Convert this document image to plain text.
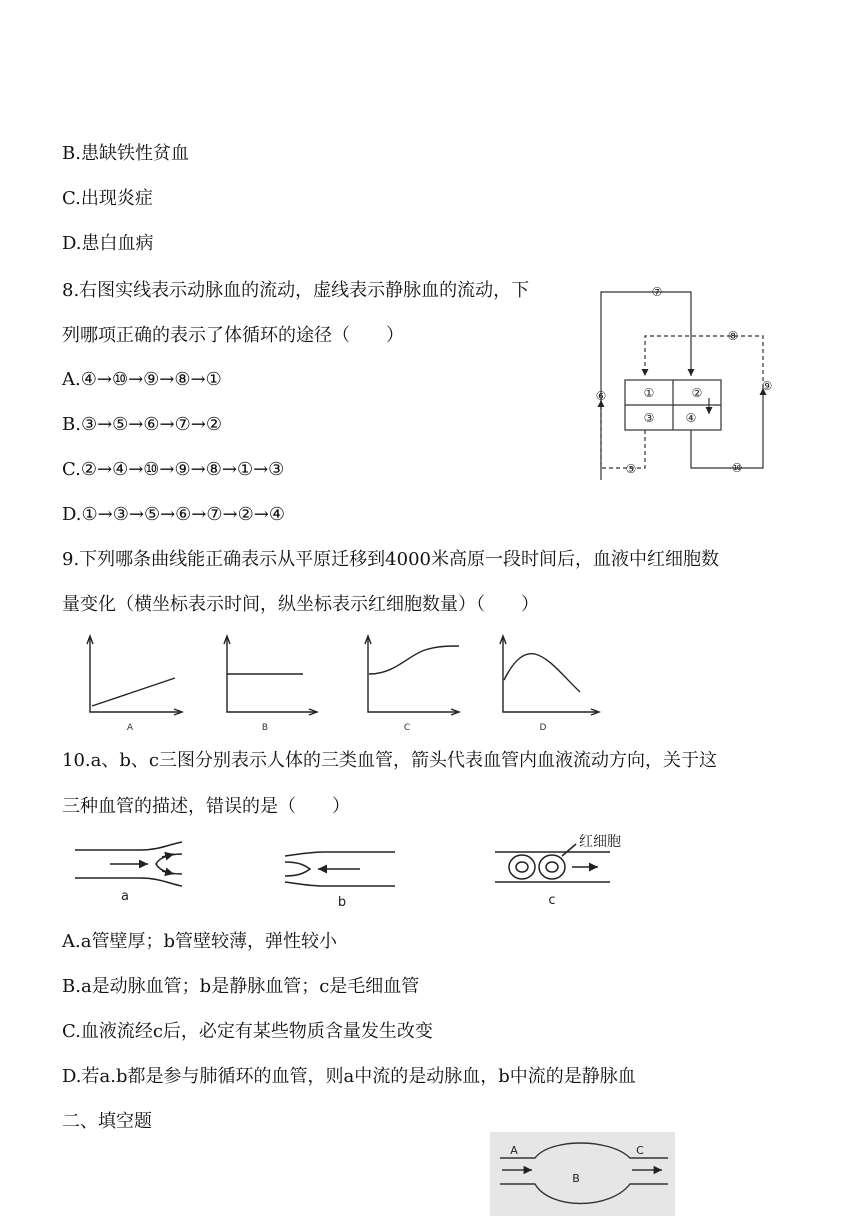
B.患缺铁性贫血
C.出现炎症
D.患白血病
8.右图实线表示动脉血的流动，虚线表示静脉血的流动，下
列哪项正确的表示了体循环的途径（　　）
A.④→⑩→⑨→⑧→①
B.③→⑤→⑥→⑦→②
C.②→④→⑩→⑨→⑧→①→③
D.①→③→⑤→⑥→⑦→②→④
①	②
③	④
⑤
⑥
⑦
⑧
⑨
⑩
9.下列哪条曲线能正确表示从平原迁移到4000米高原一段时间后，血液中红细胞数
量变化（横坐标表示时间，纵坐标表示红细胞数量）（　　）
A	B	C	D
10.a、b、c三图分别表示人体的三类血管，箭头代表血管内血液流动方向，关于这
三种血管的描述，错误的是（　　）
a	b	c
红细胞
A.a管壁厚；b管壁较薄，弹性较小
B.a是动脉血管；b是静脉血管；c是毛细血管
C.血液流经c后，必定有某些物质含量发生改变
D.若a.b都是参与肺循环的血管，则a中流的是动脉血，b中流的是静脉血
二、填空题
A
B
C
